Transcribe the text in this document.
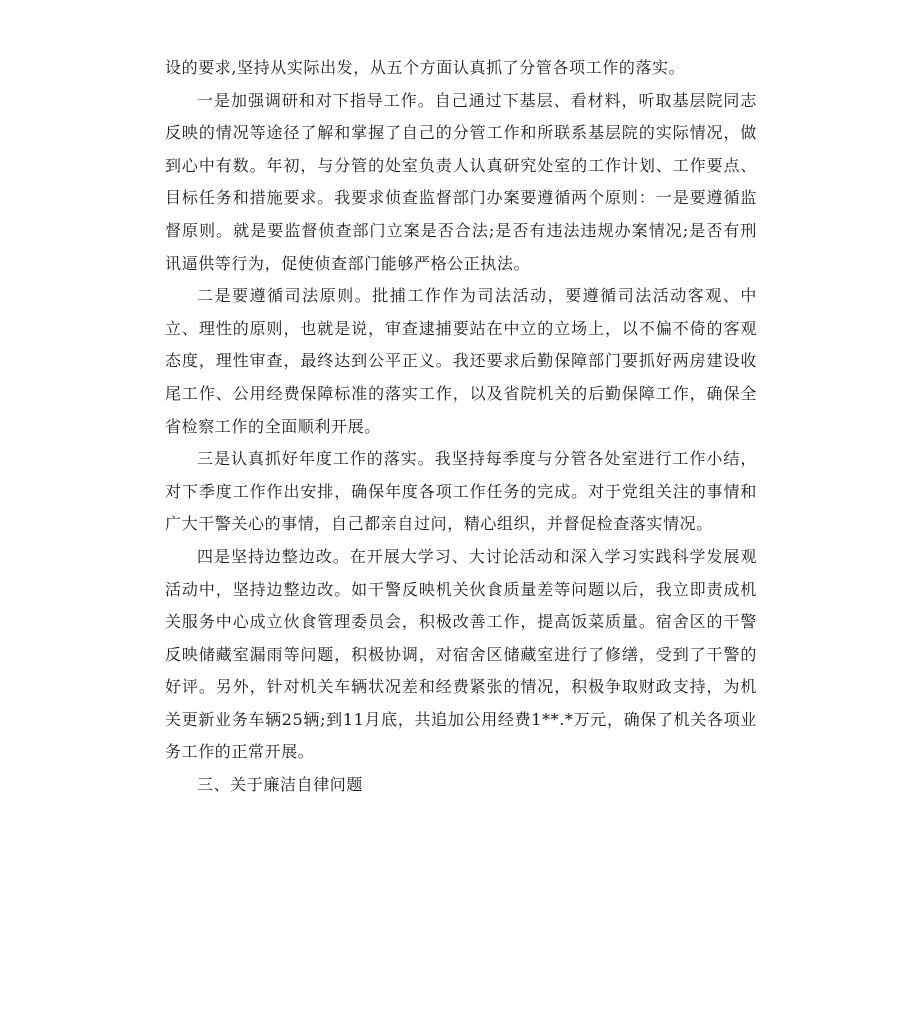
设的要求,坚持从实际出发，从五个方面认真抓了分管各项工作的落实。

一是加强调研和对下指导工作。自己通过下基层、看材料，听取基层院同志反映的情况等途径了解和掌握了自己的分管工作和所联系基层院的实际情况，做到心中有数。年初，与分管的处室负责人认真研究处室的工作计划、工作要点、目标任务和措施要求。我要求侦查监督部门办案要遵循两个原则：一是要遵循监督原则。就是要监督侦查部门立案是否合法;是否有违法违规办案情况;是否有刑讯逼供等行为，促使侦查部门能够严格公正执法。

二是要遵循司法原则。批捕工作作为司法活动，要遵循司法活动客观、中立、理性的原则，也就是说，审查逮捕要站在中立的立场上，以不偏不倚的客观态度，理性审查，最终达到公平正义。我还要求后勤保障部门要抓好两房建设收尾工作、公用经费保障标准的落实工作，以及省院机关的后勤保障工作，确保全省检察工作的全面顺利开展。

三是认真抓好年度工作的落实。我坚持每季度与分管各处室进行工作小结，对下季度工作作出安排，确保年度各项工作任务的完成。对于党组关注的事情和广大干警关心的事情，自己都亲自过问，精心组织，并督促检查落实情况。

四是坚持边整边改。在开展大学习、大讨论活动和深入学习实践科学发展观活动中，坚持边整边改。如干警反映机关伙食质量差等问题以后，我立即责成机关服务中心成立伙食管理委员会，积极改善工作，提高饭菜质量。宿舍区的干警反映储藏室漏雨等问题，积极协调，对宿舍区储藏室进行了修缮，受到了干警的好评。另外，针对机关车辆状况差和经费紧张的情况，积极争取财政支持，为机关更新业务车辆25辆;到11月底，共追加公用经费1**.*万元，确保了机关各项业务工作的正常开展。

三、关于廉洁自律问题
